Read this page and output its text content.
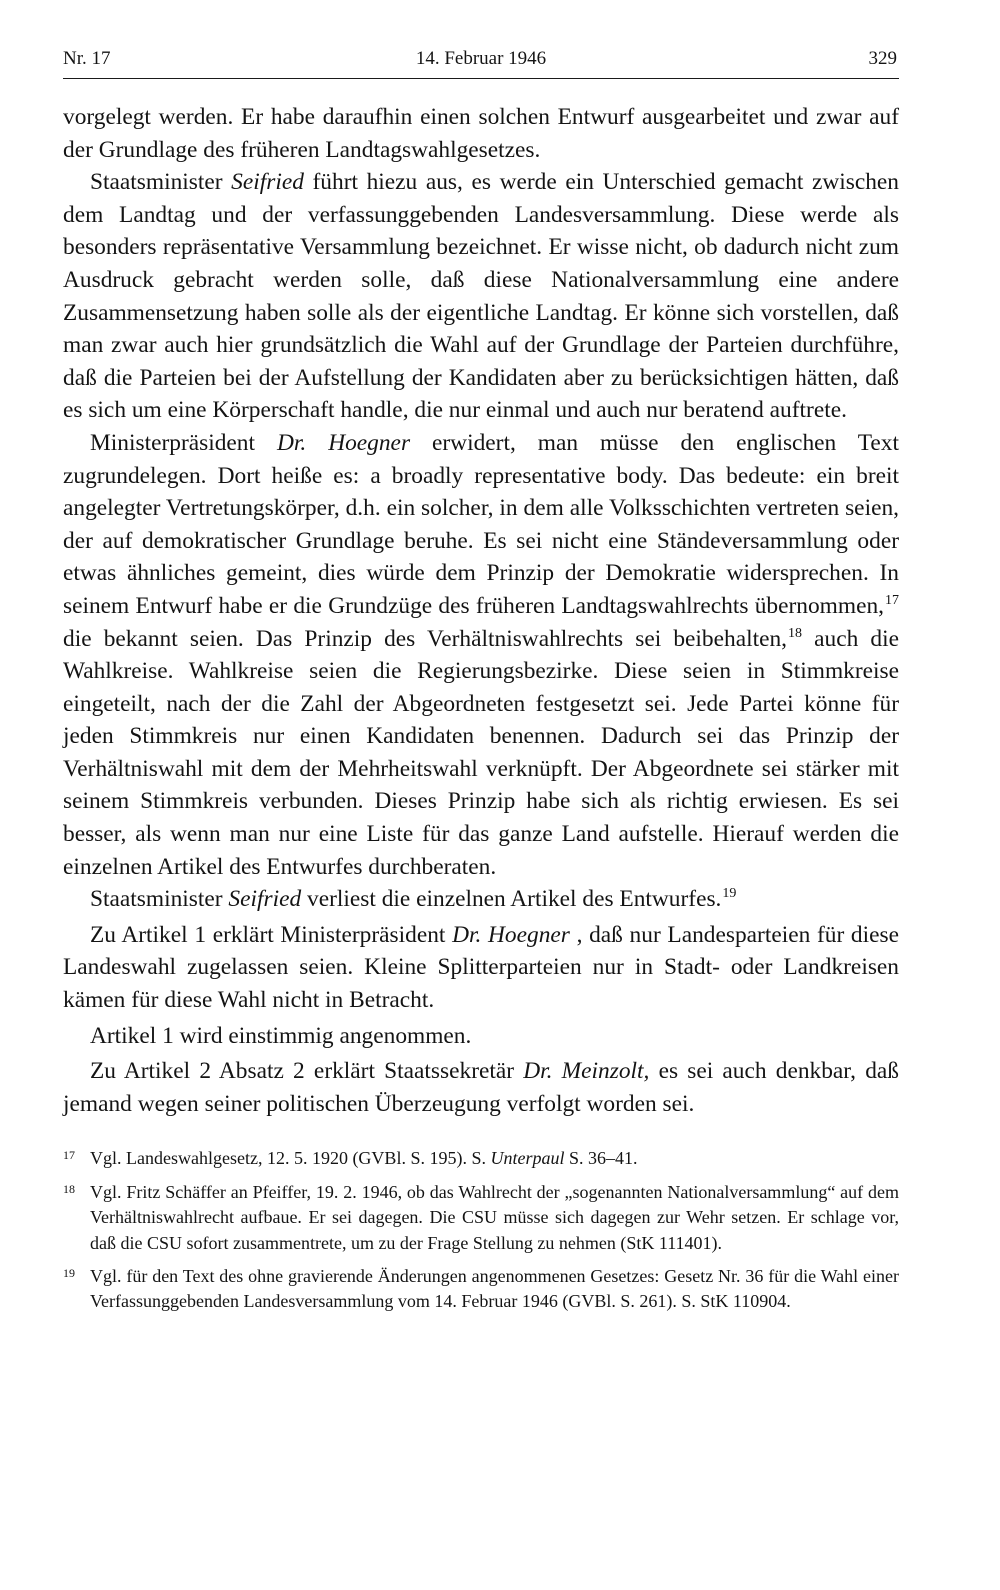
Nr. 17	14. Februar 1946	329

vorgelegt werden. Er habe daraufhin einen solchen Entwurf ausgearbeitet und zwar auf der Grundlage des früheren Landtagswahlgesetzes.

Staatsminister Seifried führt hiezu aus, es werde ein Unterschied gemacht zwischen dem Landtag und der verfassunggebenden Landesversammlung. Diese werde als besonders repräsentative Versammlung bezeichnet. Er wisse nicht, ob dadurch nicht zum Ausdruck gebracht werden solle, daß diese Nationalversammlung eine andere Zusammensetzung haben solle als der eigentliche Landtag. Er könne sich vorstellen, daß man zwar auch hier grundsätzlich die Wahl auf der Grundlage der Parteien durchführe, daß die Parteien bei der Aufstellung der Kandidaten aber zu berücksichtigen hätten, daß es sich um eine Körperschaft handle, die nur einmal und auch nur beratend auftrete.

Ministerpräsident Dr. Hoegner erwidert, man müsse den englischen Text zugrundelegen. Dort heiße es: a broadly representative body. Das bedeute: ein breit angelegter Vertretungskörper, d.h. ein solcher, in dem alle Volksschichten vertreten seien, der auf demokratischer Grundlage beruhe. Es sei nicht eine Ständeversammlung oder etwas ähnliches gemeint, dies würde dem Prinzip der Demokratie widersprechen. In seinem Entwurf habe er die Grundzüge des früheren Landtagswahlrechts übernommen,$^{17}$ die bekannt seien. Das Prinzip des Verhältniswahlrechts sei beibehalten,$^{18}$ auch die Wahlkreise. Wahlkreise seien die Regierungsbezirke. Diese seien in Stimmkreise eingeteilt, nach der die Zahl der Abgeordneten festgesetzt sei. Jede Partei könne für jeden Stimmkreis nur einen Kandidaten benennen. Dadurch sei das Prinzip der Verhältniswahl mit dem der Mehrheitswahl verknüpft. Der Abgeordnete sei stärker mit seinem Stimmkreis verbunden. Dieses Prinzip habe sich als richtig erwiesen. Es sei besser, als wenn man nur eine Liste für das ganze Land aufstelle. Hierauf werden die einzelnen Artikel des Entwurfes durchberaten.

Staatsminister Seifried verliest die einzelnen Artikel des Entwurfes.$^{19}$

Zu Artikel 1 erklärt Ministerpräsident Dr. Hoegner , daß nur Landesparteien für diese Landeswahl zugelassen seien. Kleine Splitterparteien nur in Stadt- oder Landkreisen kämen für diese Wahl nicht in Betracht.

Artikel 1 wird einstimmig angenommen.

Zu Artikel 2 Absatz 2 erklärt Staatssekretär Dr. Meinzolt, es sei auch denkbar, daß jemand wegen seiner politischen Überzeugung verfolgt worden sei.

17 Vgl. Landeswahlgesetz, 12. 5. 1920 (GVBl. S. 195). S. Unterpaul S. 36–41.
18 Vgl. Fritz Schäffer an Pfeiffer, 19. 2. 1946, ob das Wahlrecht der „sogenannten Nationalversammlung“ auf dem Verhältniswahlrecht aufbaue. Er sei dagegen. Die CSU müsse sich dagegen zur Wehr setzen. Er schlage vor, daß die CSU sofort zusammentrete, um zu der Frage Stellung zu nehmen (StK 111401).
19 Vgl. für den Text des ohne gravierende Änderungen angenommenen Gesetzes: Gesetz Nr. 36 für die Wahl einer Verfassunggebenden Landesversammlung vom 14. Februar 1946 (GVBl. S. 261). S. StK 110904.
